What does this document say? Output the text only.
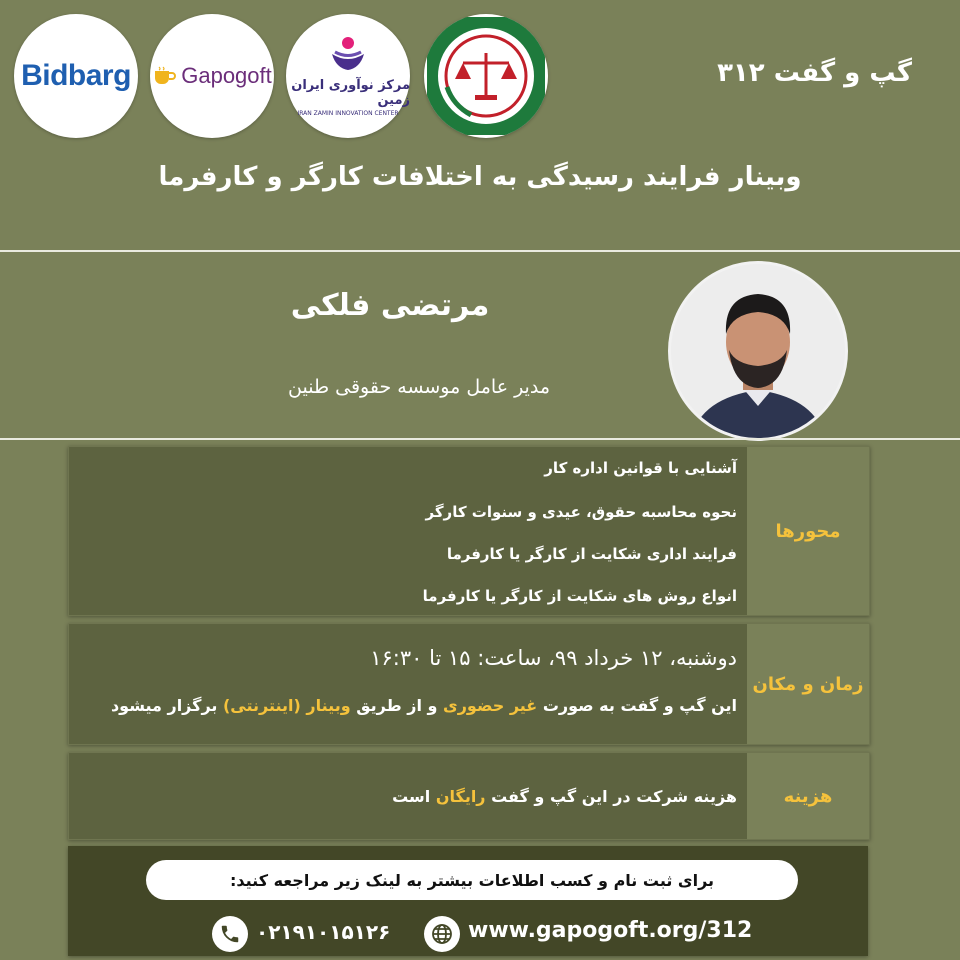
Bidbarg Gapogoft	مرکز نوآوری ایران زمین
IRAN ZAMIN INNOVATION CENTER
گپ و گفت ۳۱۲
وبینار فرایند رسیدگی به اختلافات کارگر و کارفرما
مرتضی فلکی
مدیر عامل موسسه حقوقی طنین
آشنایی با قوانین اداره کار
نحوه محاسبه حقوق، عیدی و سنوات کارگر
فرایند اداری شکایت از کارگر یا کارفرما
انواع روش های شکایت از کارگر یا کارفرما
محورها
دوشنبه، ۱۲ خرداد ۹۹، ساعت: ۱۵ تا ۱۶:۳۰
این گپ و گفت به صورت غیر حضوری و از طریق وبینار (اینترنتی) برگزار میشود
زمان و مکان
هزینه شرکت در این گپ و گفت رایگان است	هزینه
برای ثبت نام و کسب اطلاعات بیشتر به لینک زیر مراجعه کنید:
۰۲۱۹۱۰۱۵۱۲۶	www.gapogoft.org/312
